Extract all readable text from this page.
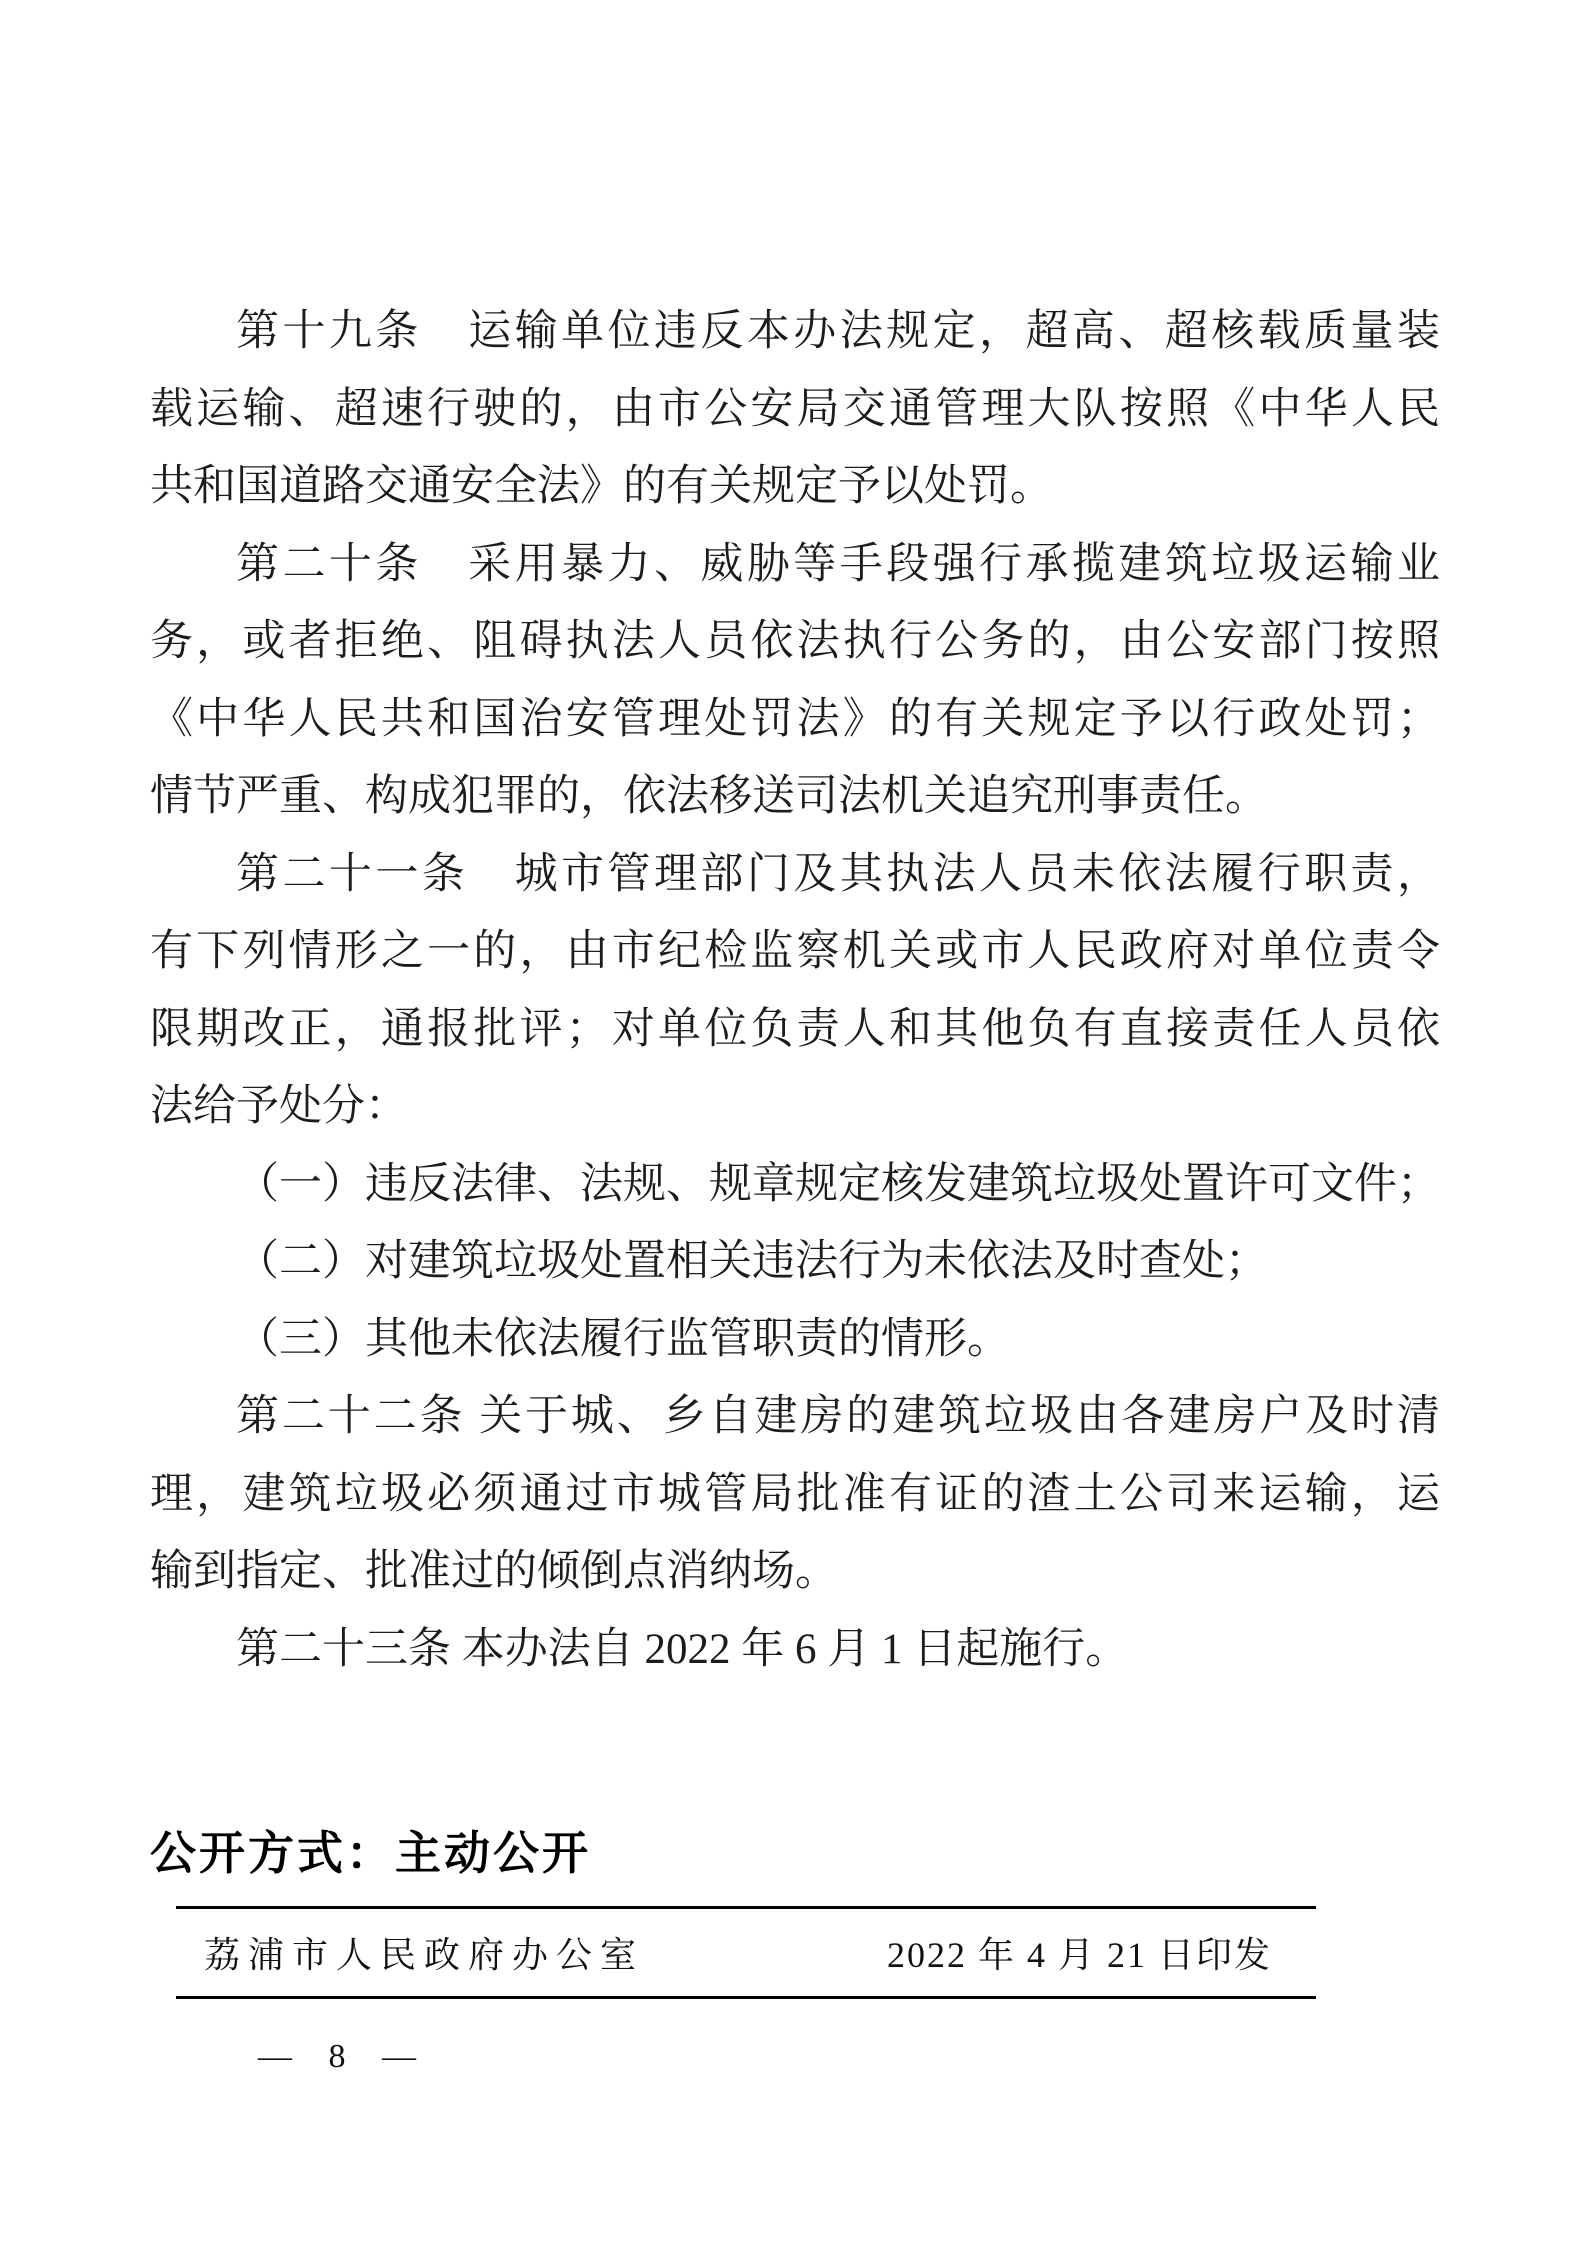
第十九条　运输单位违反本办法规定，超高、超核载质量装
载运输、超速行驶的，由市公安局交通管理大队按照《中华人民
共和国道路交通安全法》的有关规定予以处罚。
第二十条　采用暴力、威胁等手段强行承揽建筑垃圾运输业
务，或者拒绝、阻碍执法人员依法执行公务的，由公安部门按照
《中华人民共和国治安管理处罚法》的有关规定予以行政处罚；
情节严重、构成犯罪的，依法移送司法机关追究刑事责任。
第二十一条　城市管理部门及其执法人员未依法履行职责，
有下列情形之一的，由市纪检监察机关或市人民政府对单位责令
限期改正，通报批评；对单位负责人和其他负有直接责任人员依
法给予处分：
（一）违反法律、法规、规章规定核发建筑垃圾处置许可文件；
（二）对建筑垃圾处置相关违法行为未依法及时查处；
（三）其他未依法履行监管职责的情形。
第二十二条 关于城、乡自建房的建筑垃圾由各建房户及时清
理，建筑垃圾必须通过市城管局批准有证的渣土公司来运输，运
输到指定、批准过的倾倒点消纳场。
第二十三条 本办法自 2022 年 6 月 1 日起施行。
公开方式：主动公开
荔浦市人民政府办公室	2022 年 4 月 21 日印发
— 8 —
